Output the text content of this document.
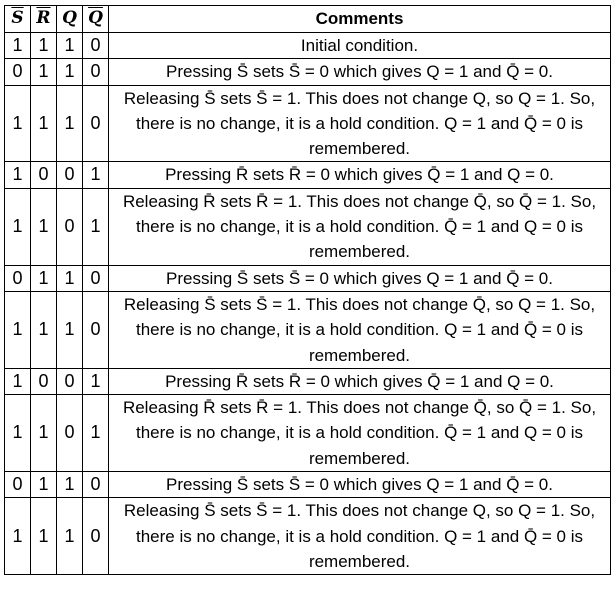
$\overline{S}$	$\overline{R}$	Q	$\overline{Q}$	Comments
1	1	1	0	Initial condition.
0	1	1	0	Pressing S̄ sets S̄ = 0 which gives Q = 1 and Q̄ = 0.
1	1	1	0	Releasing S̄ sets S̄ = 1. This does not change Q, so Q = 1. So, there is no change, it is a hold condition. Q = 1 and Q̄ = 0 is remembered.
1	0	0	1	Pressing R̄ sets R̄ = 0 which gives Q̄ = 1 and Q = 0.
1	1	0	1	Releasing R̄ sets R̄ = 1. This does not change Q̄, so Q̄ = 1. So, there is no change, it is a hold condition. Q̄ = 1 and Q = 0 is remembered.
0	1	1	0	Pressing S̄ sets S̄ = 0 which gives Q = 1 and Q̄ = 0.
1	1	1	0	Releasing S̄ sets S̄ = 1. This does not change Q̄, so Q = 1. So, there is no change, it is a hold condition. Q = 1 and Q̄ = 0 is remembered.
1	0	0	1	Pressing R̄ sets R̄ = 0 which gives Q̄ = 1 and Q = 0.
1	1	0	1	Releasing R̄ sets R̄ = 1. This does not change Q̄, so Q̄ = 1. So, there is no change, it is a hold condition. Q̄ = 1 and Q = 0 is remembered.
0	1	1	0	Pressing S̄ sets S̄ = 0 which gives Q = 1 and Q̄ = 0.
1	1	1	0	Releasing S̄ sets S̄ = 1. This does not change Q, so Q = 1. So, there is no change, it is a hold condition. Q = 1 and Q̄ = 0 is remembered.
